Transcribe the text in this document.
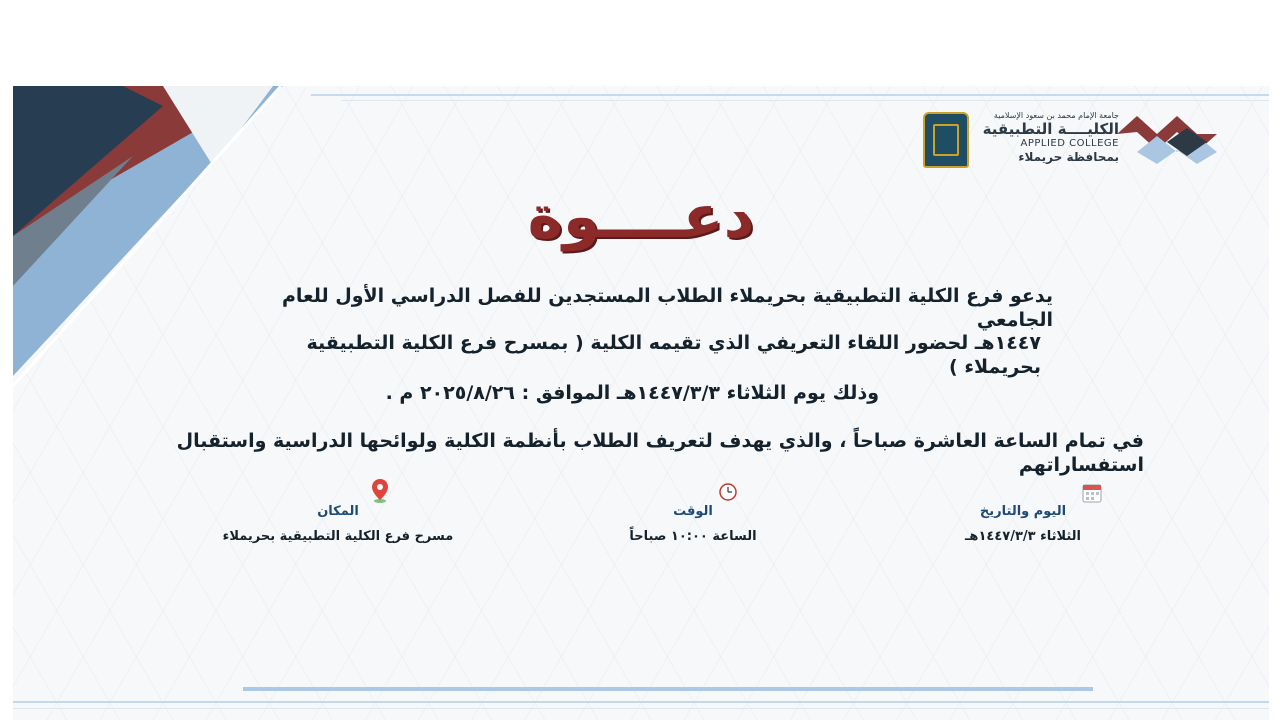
جامعة الإمام محمد بن سعود الإسلامية
الكليــــة التطبيقية
APPLIED COLLEGE
بمحافظة حريملاء
دعــــوة
يدعو فرع الكلية التطبيقية بحريملاء الطلاب المستجدين للفصل الدراسي الأول للعام الجامعي
١٤٤٧هـ لحضور اللقاء التعريفي الذي تقيمه الكلية ( بمسرح فرع الكلية التطبيقية بحريملاء )
وذلك يوم الثلاثاء ١٤٤٧/٣/٣هـ الموافق : ٢٠٢٥/٨/٢٦ م .
في تمام الساعة العاشرة صباحاً ، والذي يهدف لتعريف الطلاب بأنظمة الكلية ولوائحها الدراسية واستقبال استفساراتهم
اليوم والتاريخ
الثلاثاء ١٤٤٧/٣/٣هـ
الوقت
الساعة ١٠:٠٠ صباحاً
المكان
مسرح فرع الكلية التطبيقية بحريملاء
